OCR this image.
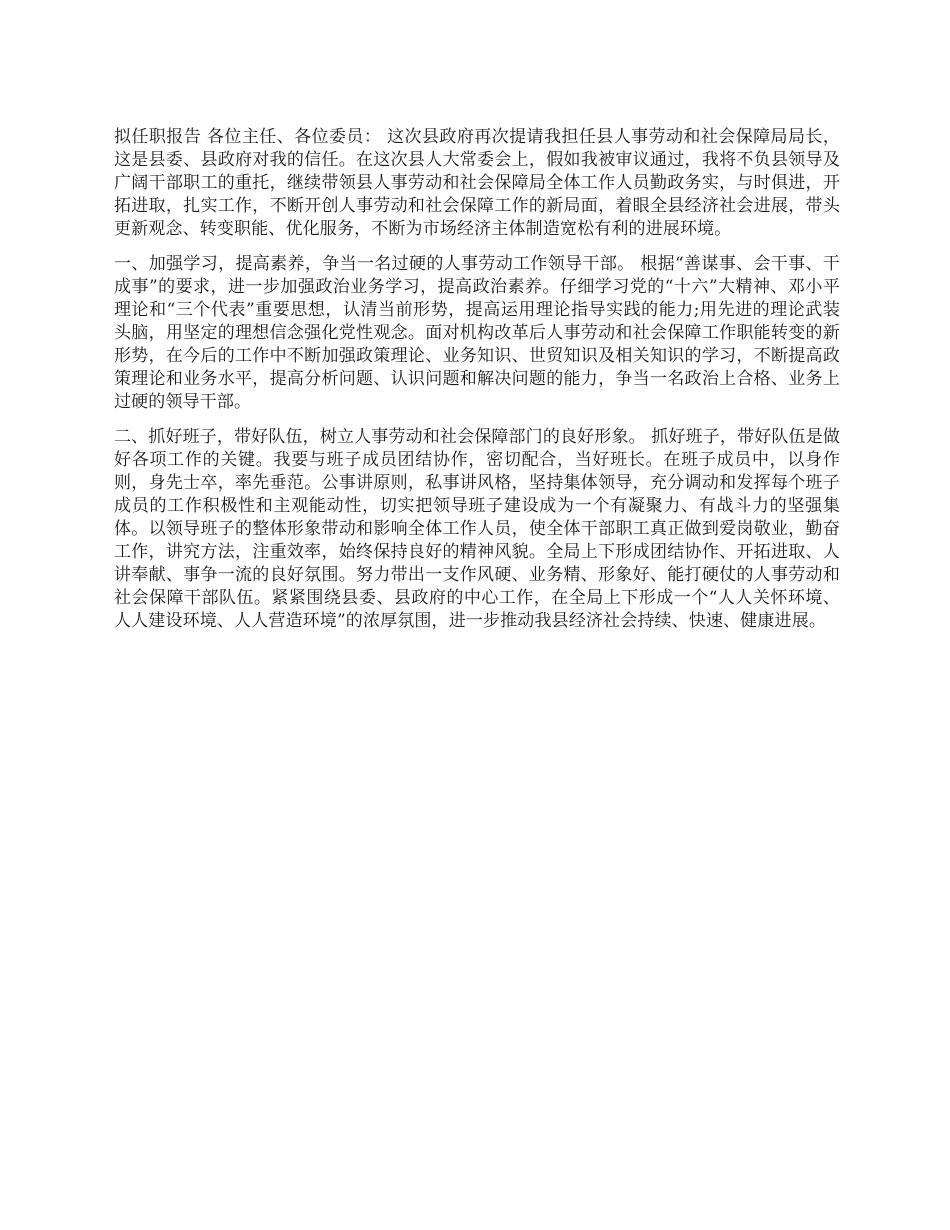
拟任职报告 各位主任、各位委员： 这次县政府再次提请我担任县人事劳动和社会保障局局长，这是县委、县政府对我的信任。在这次县人大常委会上，假如我被审议通过，我将不负县领导及广阔干部职工的重托，继续带领县人事劳动和社会保障局全体工作人员勤政务实，与时俱进，开拓进取，扎实工作，不断开创人事劳动和社会保障工作的新局面，着眼全县经济社会进展，带头更新观念、转变职能、优化服务，不断为市场经济主体制造宽松有利的进展环境。

一、加强学习，提高素养，争当一名过硬的人事劳动工作领导干部。 根据“善谋事、会干事、干成事”的要求，进一步加强政治业务学习，提高政治素养。仔细学习党的“十六”大精神、邓小平理论和“三个代表”重要思想，认清当前形势，提高运用理论指导实践的能力;用先进的理论武装头脑，用坚定的理想信念强化党性观念。面对机构改革后人事劳动和社会保障工作职能转变的新形势，在今后的工作中不断加强政策理论、业务知识、世贸知识及相关知识的学习，不断提高政策理论和业务水平，提高分析问题、认识问题和解决问题的能力，争当一名政治上合格、业务上过硬的领导干部。

二、抓好班子，带好队伍，树立人事劳动和社会保障部门的良好形象。 抓好班子，带好队伍是做好各项工作的关键。我要与班子成员团结协作，密切配合，当好班长。在班子成员中，以身作则，身先士卒，率先垂范。公事讲原则，私事讲风格，坚持集体领导，充分调动和发挥每个班子成员的工作积极性和主观能动性，切实把领导班子建设成为一个有凝聚力、有战斗力的坚强集体。以领导班子的整体形象带动和影响全体工作人员，使全体干部职工真正做到爱岗敬业，勤奋工作，讲究方法，注重效率，始终保持良好的精神风貌。全局上下形成团结协作、开拓进取、人讲奉献、事争一流的良好氛围。努力带出一支作风硬、业务精、形象好、能打硬仗的人事劳动和社会保障干部队伍。紧紧围绕县委、县政府的中心工作，在全局上下形成一个“人人关怀环境、人人建设环境、人人营造环境”的浓厚氛围，进一步推动我县经济社会持续、快速、健康进展。
